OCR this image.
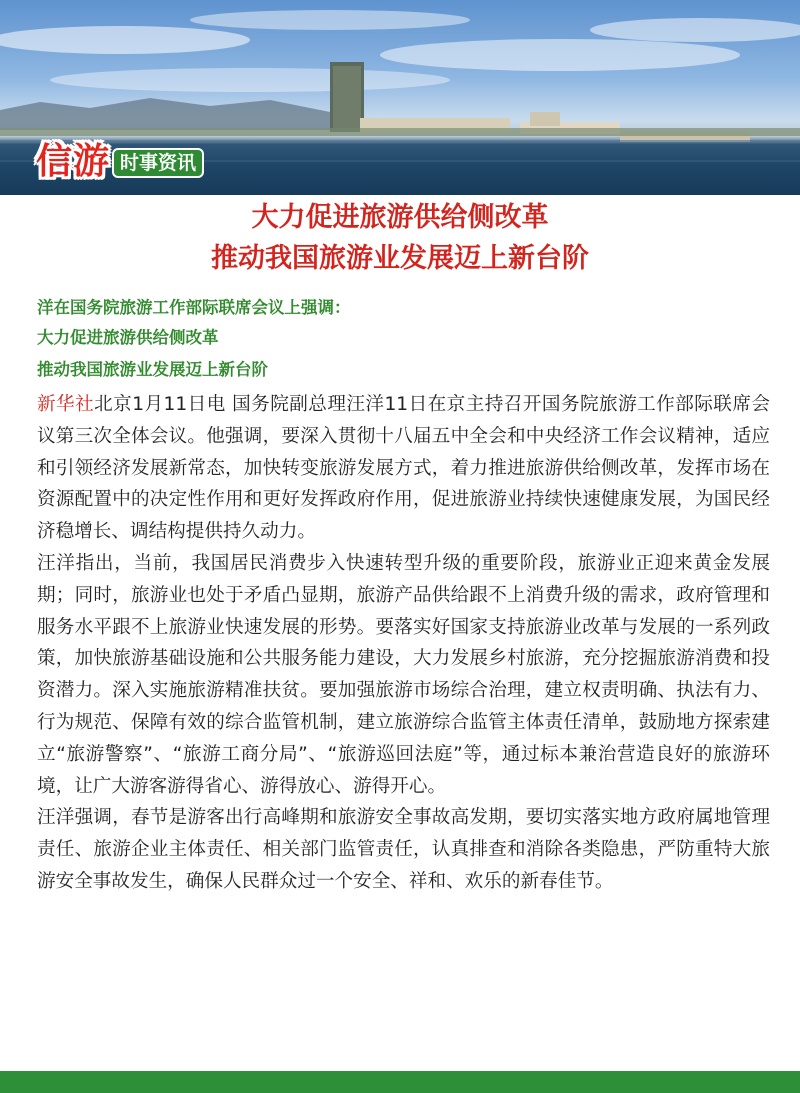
信游 时事资讯
大力促进旅游供给侧改革
推动我国旅游业发展迈上新台阶
洋在国务院旅游工作部际联席会议上强调：
大力促进旅游供给侧改革
推动我国旅游业发展迈上新台阶

新华社北京1月11日电 国务院副总理汪洋11日在京主持召开国务院旅游工作部际联席会议第三次全体会议。他强调，要深入贯彻十八届五中全会和中央经济工作会议精神，适应和引领经济发展新常态，加快转变旅游发展方式，着力推进旅游供给侧改革，发挥市场在资源配置中的决定性作用和更好发挥政府作用，促进旅游业持续快速健康发展，为国民经济稳增长、调结构提供持久动力。

汪洋指出，当前，我国居民消费步入快速转型升级的重要阶段，旅游业正迎来黄金发展期；同时，旅游业也处于矛盾凸显期，旅游产品供给跟不上消费升级的需求，政府管理和服务水平跟不上旅游业快速发展的形势。要落实好国家支持旅游业改革与发展的一系列政策，加快旅游基础设施和公共服务能力建设，大力发展乡村旅游，充分挖掘旅游消费和投资潜力。深入实施旅游精准扶贫。要加强旅游市场综合治理，建立权责明确、执法有力、行为规范、保障有效的综合监管机制，建立旅游综合监管主体责任清单，鼓励地方探索建立“旅游警察”、“旅游工商分局”、“旅游巡回法庭”等，通过标本兼治营造良好的旅游环境，让广大游客游得省心、游得放心、游得开心。

汪洋强调，春节是游客出行高峰期和旅游安全事故高发期，要切实落实地方政府属地管理责任、旅游企业主体责任、相关部门监管责任，认真排查和消除各类隐患，严防重特大旅游安全事故发生，确保人民群众过一个安全、祥和、欢乐的新春佳节。
